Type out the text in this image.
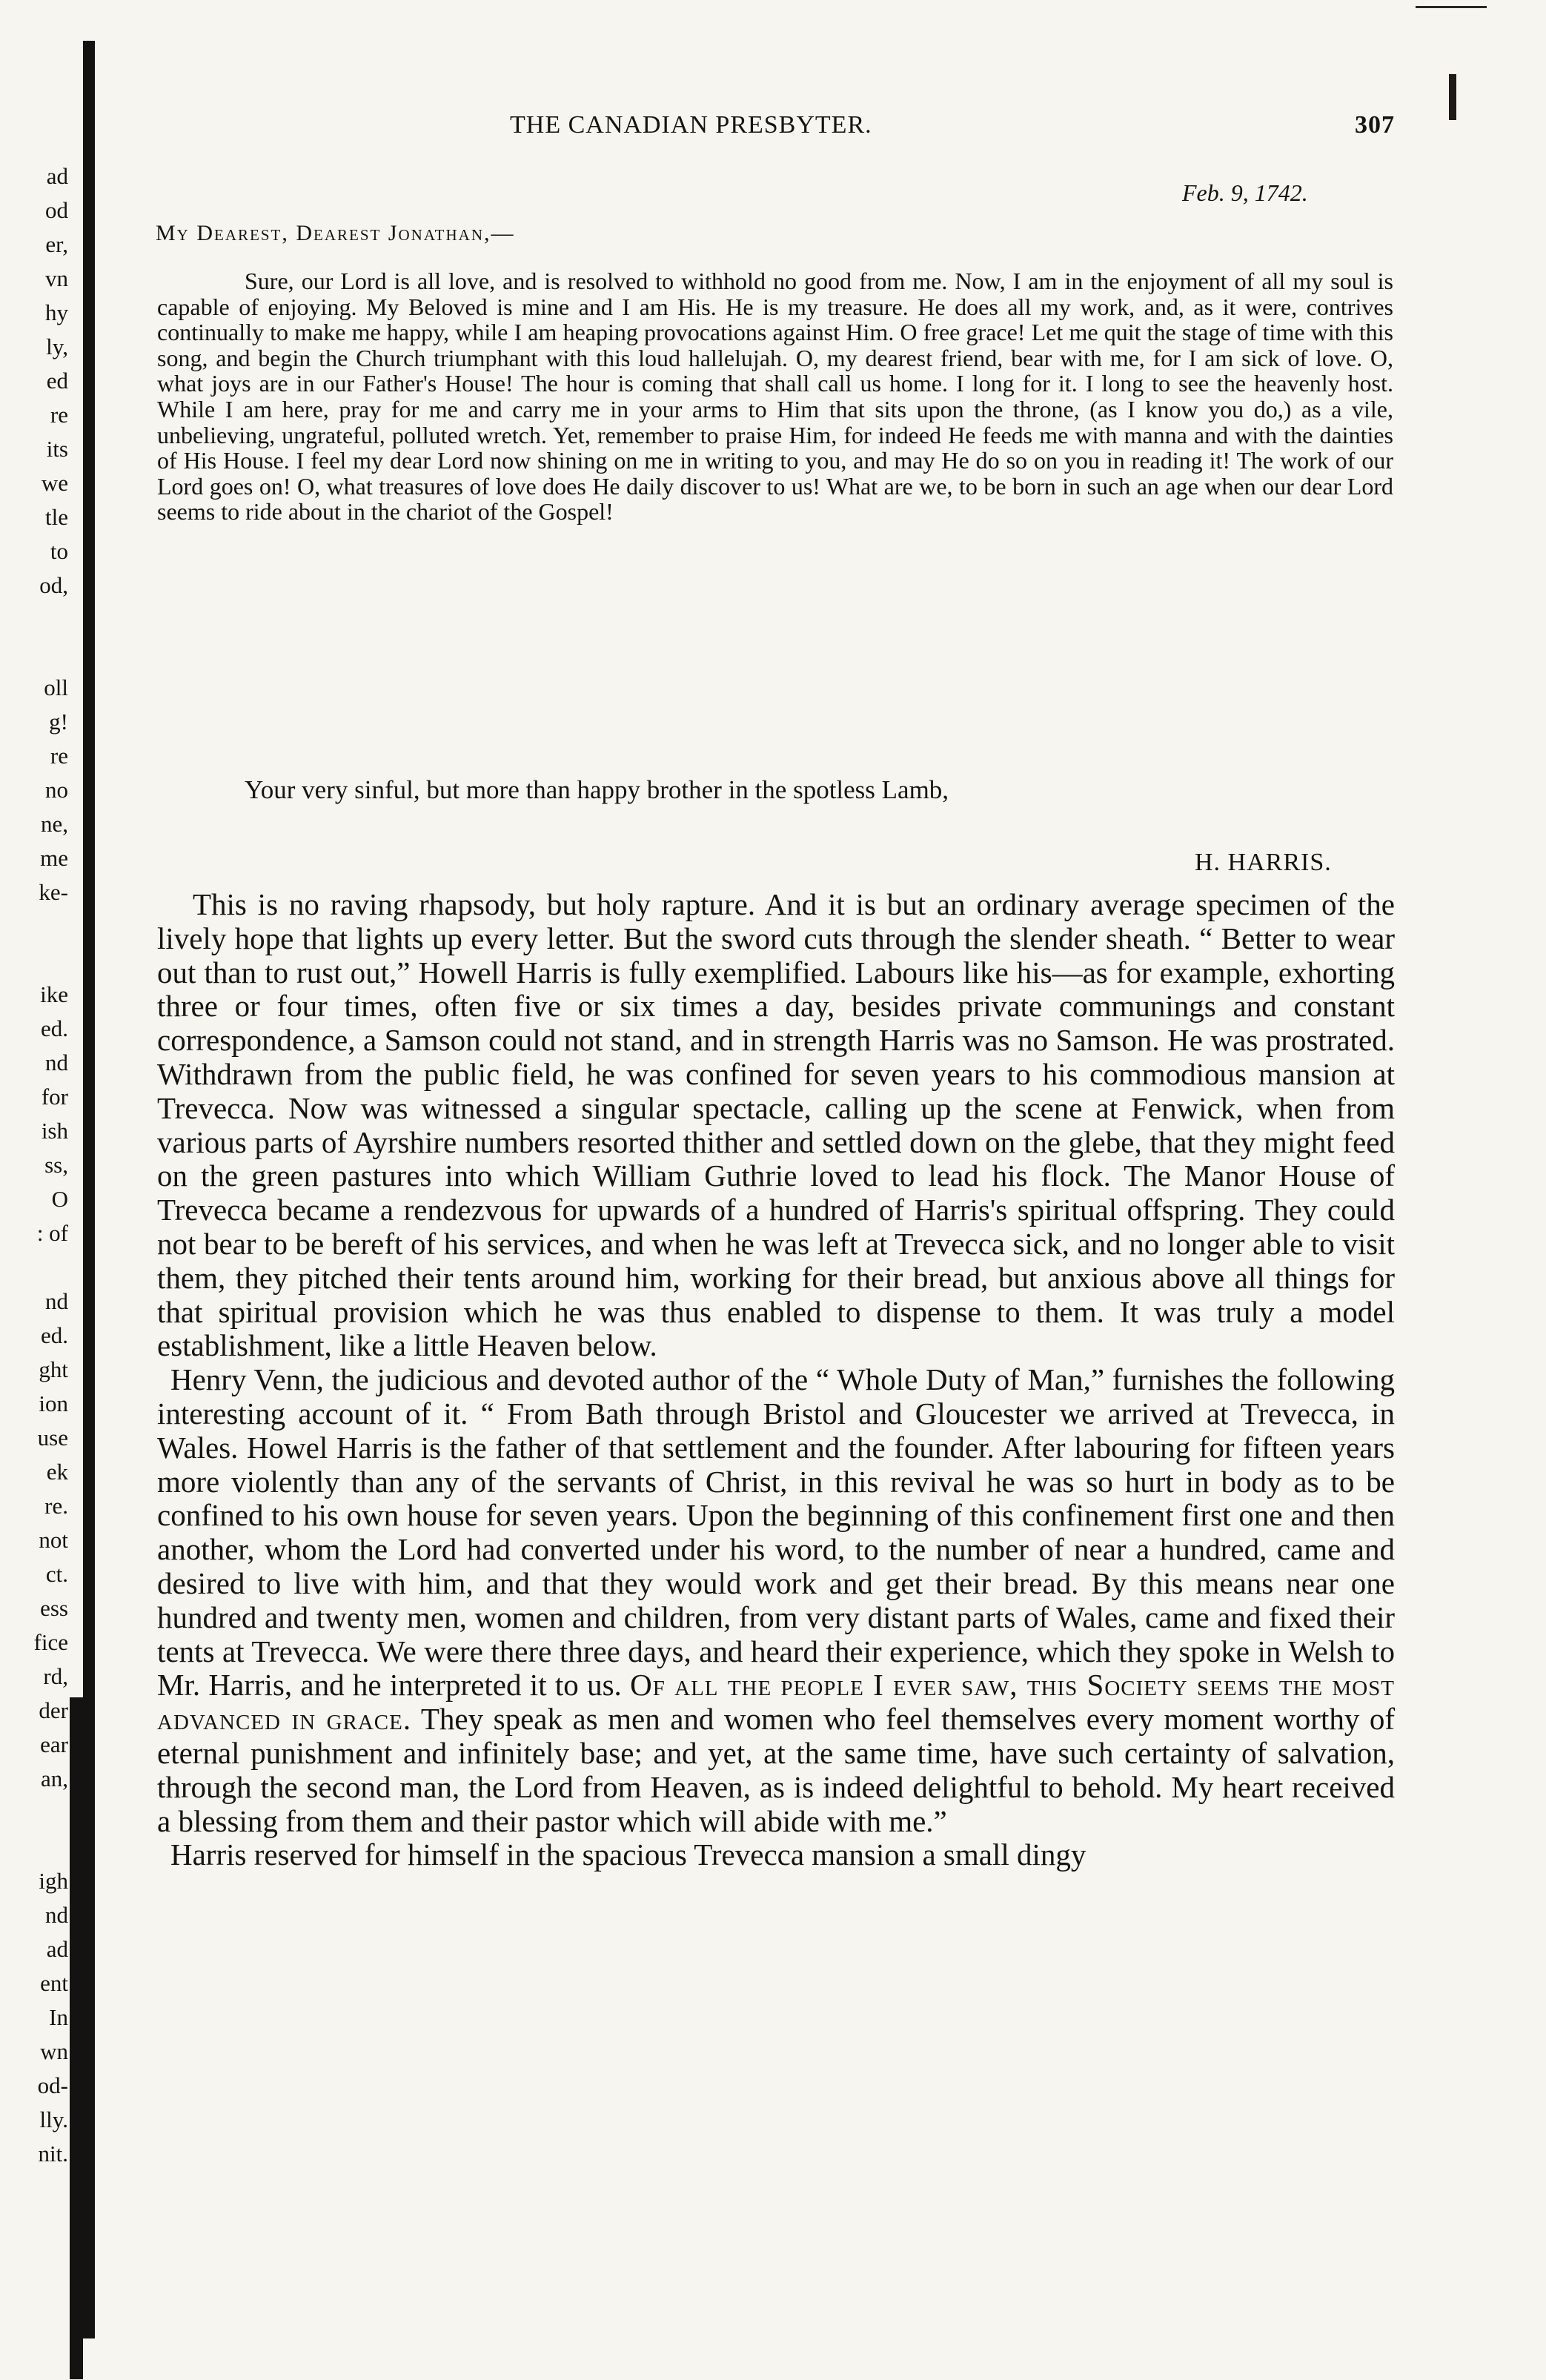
ad
od
er,
vn
hy
ly,
ed
re
its
we
tle
to
od,
oll
g!
re
no
ne,
me
ke-
ike
ed.
nd
for
ish
ss,
O
: of
nd
ed.
ght
ion
use
ek
re.
not
ct.
ess
fice
rd,
der
ear
an,
igh
nd
ad
ent
In
wn
od-
lly.
nit.
THE CANADIAN PRESBYTER.	307
Feb. 9, 1742.
My Dearest, Dearest Jonathan,—

Sure, our Lord is all love, and is resolved to withhold no good from me. Now, I am in the enjoyment of all my soul is capable of enjoying. My Beloved is mine and I am His. He is my treasure. He does all my work, and, as it were, contrives continually to make me happy, while I am heaping provocations against Him. O free grace! Let me quit the stage of time with this song, and begin the Church triumphant with this loud hallelujah. O, my dearest friend, bear with me, for I am sick of love. O, what joys are in our Father's House! The hour is coming that shall call us home. I long for it. I long to see the heavenly host. While I am here, pray for me and carry me in your arms to Him that sits upon the throne, (as I know you do,) as a vile, unbelieving, ungrateful, polluted wretch. Yet, remember to praise Him, for indeed He feeds me with manna and with the dainties of His House. I feel my dear Lord now shining on me in writing to you, and may He do so on you in reading it! The work of our Lord goes on! O, what treasures of love does He daily discover to us! What are we, to be born in such an age when our dear Lord seems to ride about in the chariot of the Gospel!

Your very sinful, but more than happy brother in the spotless Lamb,
H. HARRIS.

This is no raving rhapsody, but holy rapture. And it is but an ordinary average specimen of the lively hope that lights up every letter. But the sword cuts through the slender sheath. “ Better to wear out than to rust out,” Howell Harris is fully exemplified. Labours like his—as for example, exhorting three or four times, often five or six times a day, besides private communings and constant correspondence, a Samson could not stand, and in strength Harris was no Samson. He was prostrated. Withdrawn from the public field, he was confined for seven years to his commodious mansion at Trevecca. Now was witnessed a singular spectacle, calling up the scene at Fenwick, when from various parts of Ayrshire numbers resorted thither and settled down on the glebe, that they might feed on the green pastures into which William Guthrie loved to lead his flock. The Manor House of Trevecca became a rendezvous for upwards of a hundred of Harris's spiritual offspring. They could not bear to be bereft of his services, and when he was left at Trevecca sick, and no longer able to visit them, they pitched their tents around him, working for their bread, but anxious above all things for that spiritual provision which he was thus enabled to dispense to them. It was truly a model establishment, like a little Heaven below.

Henry Venn, the judicious and devoted author of the “ Whole Duty of Man,” furnishes the following interesting account of it. “ From Bath through Bristol and Gloucester we arrived at Trevecca, in Wales. Howel Harris is the father of that settlement and the founder. After labouring for fifteen years more violently than any of the servants of Christ, in this revival he was so hurt in body as to be confined to his own house for seven years. Upon the beginning of this confinement first one and then another, whom the Lord had converted under his word, to the number of near a hundred, came and desired to live with him, and that they would work and get their bread. By this means near one hundred and twenty men, women and children, from very distant parts of Wales, came and fixed their tents at Trevecca. We were there three days, and heard their experience, which they spoke in Welsh to Mr. Harris, and he interpreted it to us. Of all the people I ever saw, this Society seems the most advanced in grace. They speak as men and women who feel themselves every moment worthy of eternal punishment and infinitely base; and yet, at the same time, have such certainty of salvation, through the second man, the Lord from Heaven, as is indeed delightful to behold. My heart received a blessing from them and their pastor which will abide with me.”

Harris reserved for himself in the spacious Trevecca mansion a small dingy
